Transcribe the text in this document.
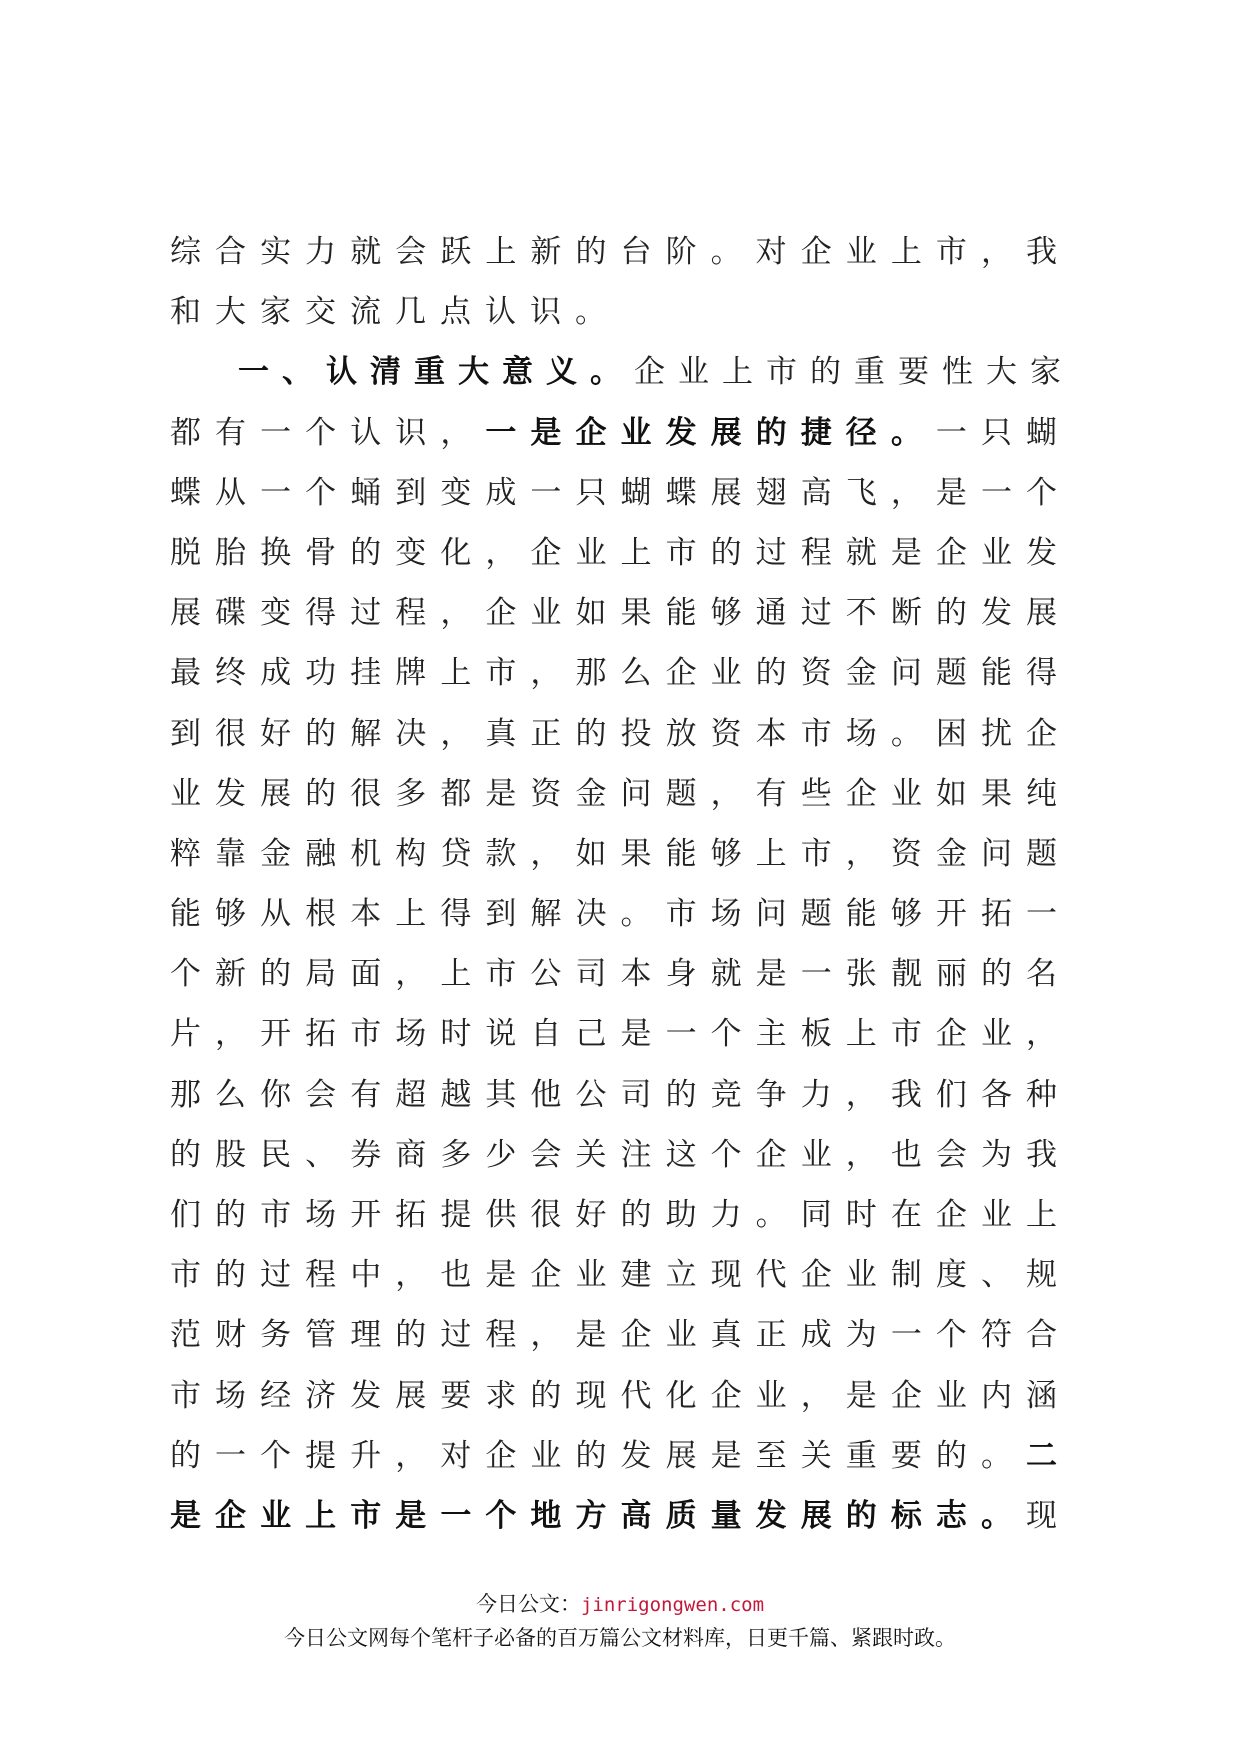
综合实力就会跃上新的台阶。对企业上市，我

和大家交流几点认识。

一、认清重大意义。企业上市的重要性大家

都有一个认识，一是企业发展的捷径。一只蝴

蝶从一个蛹到变成一只蝴蝶展翅高飞，是一个

脱胎换骨的变化，企业上市的过程就是企业发

展碟变得过程，企业如果能够通过不断的发展

最终成功挂牌上市，那么企业的资金问题能得

到很好的解决，真正的投放资本市场。困扰企

业发展的很多都是资金问题，有些企业如果纯

粹靠金融机构贷款，如果能够上市，资金问题

能够从根本上得到解决。市场问题能够开拓一

个新的局面，上市公司本身就是一张靓丽的名

片，开拓市场时说自己是一个主板上市企业，

那么你会有超越其他公司的竞争力，我们各种

的股民、券商多少会关注这个企业，也会为我

们的市场开拓提供很好的助力。同时在企业上

市的过程中，也是企业建立现代企业制度、规

范财务管理的过程，是企业真正成为一个符合

市场经济发展要求的现代化企业，是企业内涵

的一个提升，对企业的发展是至关重要的。二

是企业上市是一个地方高质量发展的标志。现

今日公文：jinrigongwen.com
今日公文网每个笔杆子必备的百万篇公文材料库，日更千篇、紧跟时政。
